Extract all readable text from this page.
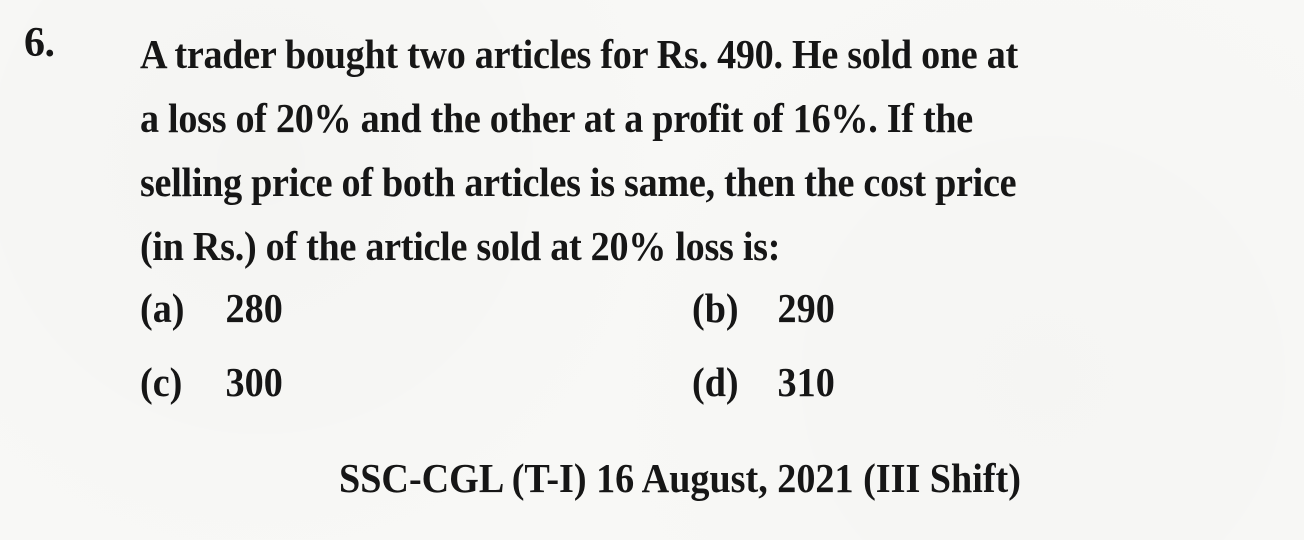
6. A trader bought two articles for Rs. 490. He sold one at
a loss of 20% and the other at a profit of 16%. If the
selling price of both articles is same, then the cost price
(in Rs.) of the article sold at 20% loss is:

(a) 280	(b) 290
(c) 300	(d) 310
SSC-CGL (T-I) 16 August, 2021 (III Shift)
